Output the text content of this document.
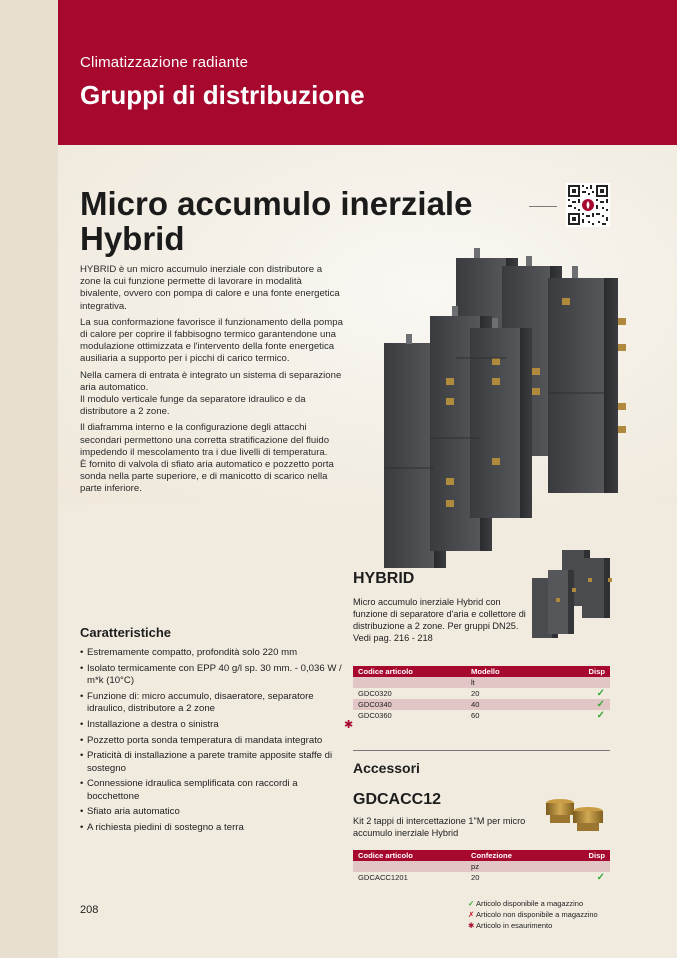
Climatizzazione radiante
Gruppi di distribuzione
Micro accumulo inerziale
Hybrid

HYBRID è un micro accumulo inerziale con distributore a zone la cui funzione permette di lavorare in modalità bivalente, ovvero con pompa di calore e una fonte energetica integrativa.

La sua conformazione favorisce il funzionamento della pompa di calore per coprire il fabbisogno termico garantendone una modulazione ottimizzata e l'intervento della fonte energetica ausiliaria a supporto per i picchi di carico termico.

Nella camera di entrata è integrato un sistema di separazione aria automatico.
Il modulo verticale funge da separatore idraulico e da distributore a 2 zone.

Il diaframma interno e la configurazione degli attacchi secondari permettono una corretta stratificazione del fluido impedendo il mescolamento tra i due livelli di temperatura.
È fornito di valvola di sfiato aria automatico e pozzetto porta sonda nella parte superiore, e di manicotto di scarico nella parte inferiore.

Caratteristiche
• Estremamente compatto, profondità solo 220 mm
• Isolato termicamente con EPP 40 g/l sp. 30 mm. - 0,036 W / m*k (10°C)
• Funzione di: micro accumulo, disaeratore, separatore idraulico, distributore a 2 zone
• Installazione a destra o sinistra
• Pozzetto porta sonda temperatura di mandata integrato
• Praticità di installazione a parete tramite apposite staffe di sostegno
• Connessione idraulica semplificata con raccordi a bocchettone
• Sfiato aria automatico
• A richiesta piedini di sostegno a terra
HYBRID
Micro accumulo inerziale Hybrid con funzione di separatore d'aria e collettore di distribuzione a 2 zone. Per gruppi DN25.
Vedi pag. 216 - 218
Codice articolo	Modello	Disp
	lt	
GDC0320	20	✓
GDC0340	40	✓
GDC0360	60	✓
✱
Accessori
GDCACC12
Kit 2 tappi di intercettazione 1"M per micro accumulo inerziale Hybrid
Codice articolo	Confezione	Disp
	pz	
GDCACC1201	20	✓
208
✓ Articolo disponibile a magazzino
✗ Articolo non disponibile a magazzino
✱ Articolo in esaurimento
